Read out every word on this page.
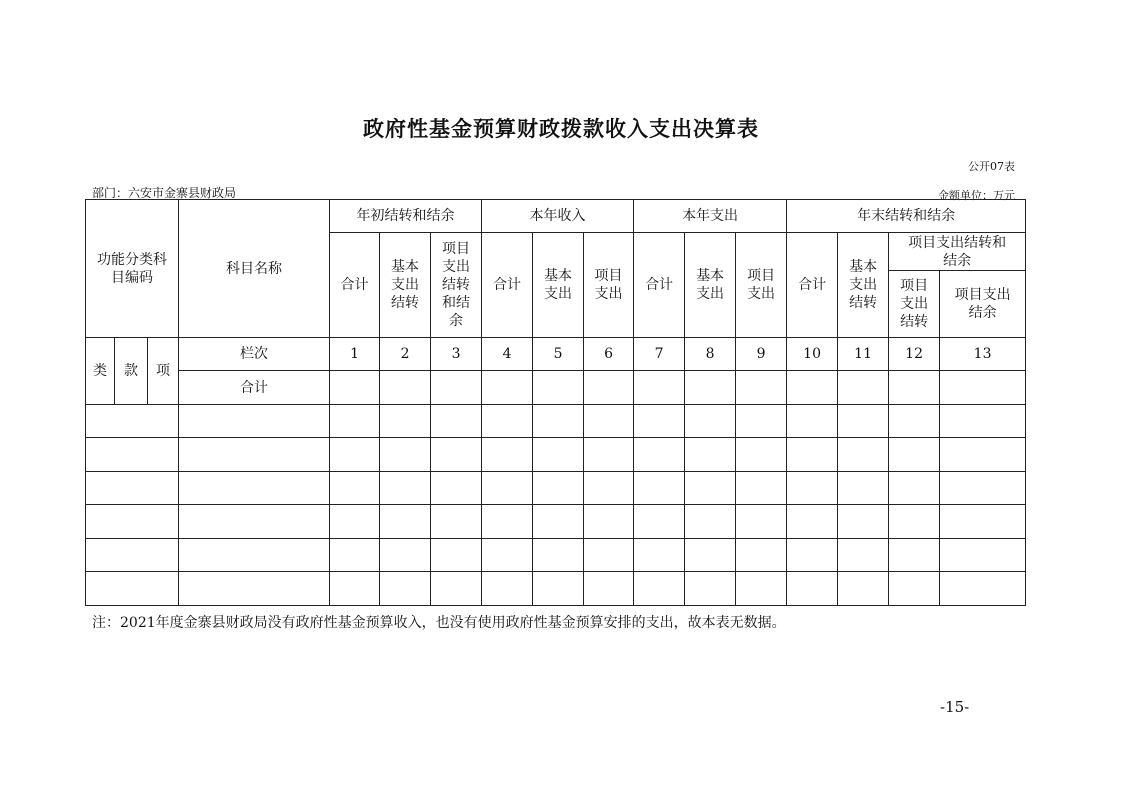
政府性基金预算财政拨款收入支出决算表
公开07表
部门：六安市金寨县财政局	金额单位：万元
功能分类科目编码			科目名称	年初结转和结余			本年收入			本年支出			年末结转和结余			
				合计	基本支出结转	项目支出结转和结余	合计	基本支出	项目支出	合计	基本支出	项目支出	合计	基本支出结转	项目支出结转和结余	
															项目支出结转	项目支出结余
类	款	项	栏次	1	2	3	4	5	6	7	8	9	10	11	12	13
			合计													

注：2021年度金寨县财政局没有政府性基金预算收入，也没有使用政府性基金预算安排的支出，故本表无数据。
-15-
